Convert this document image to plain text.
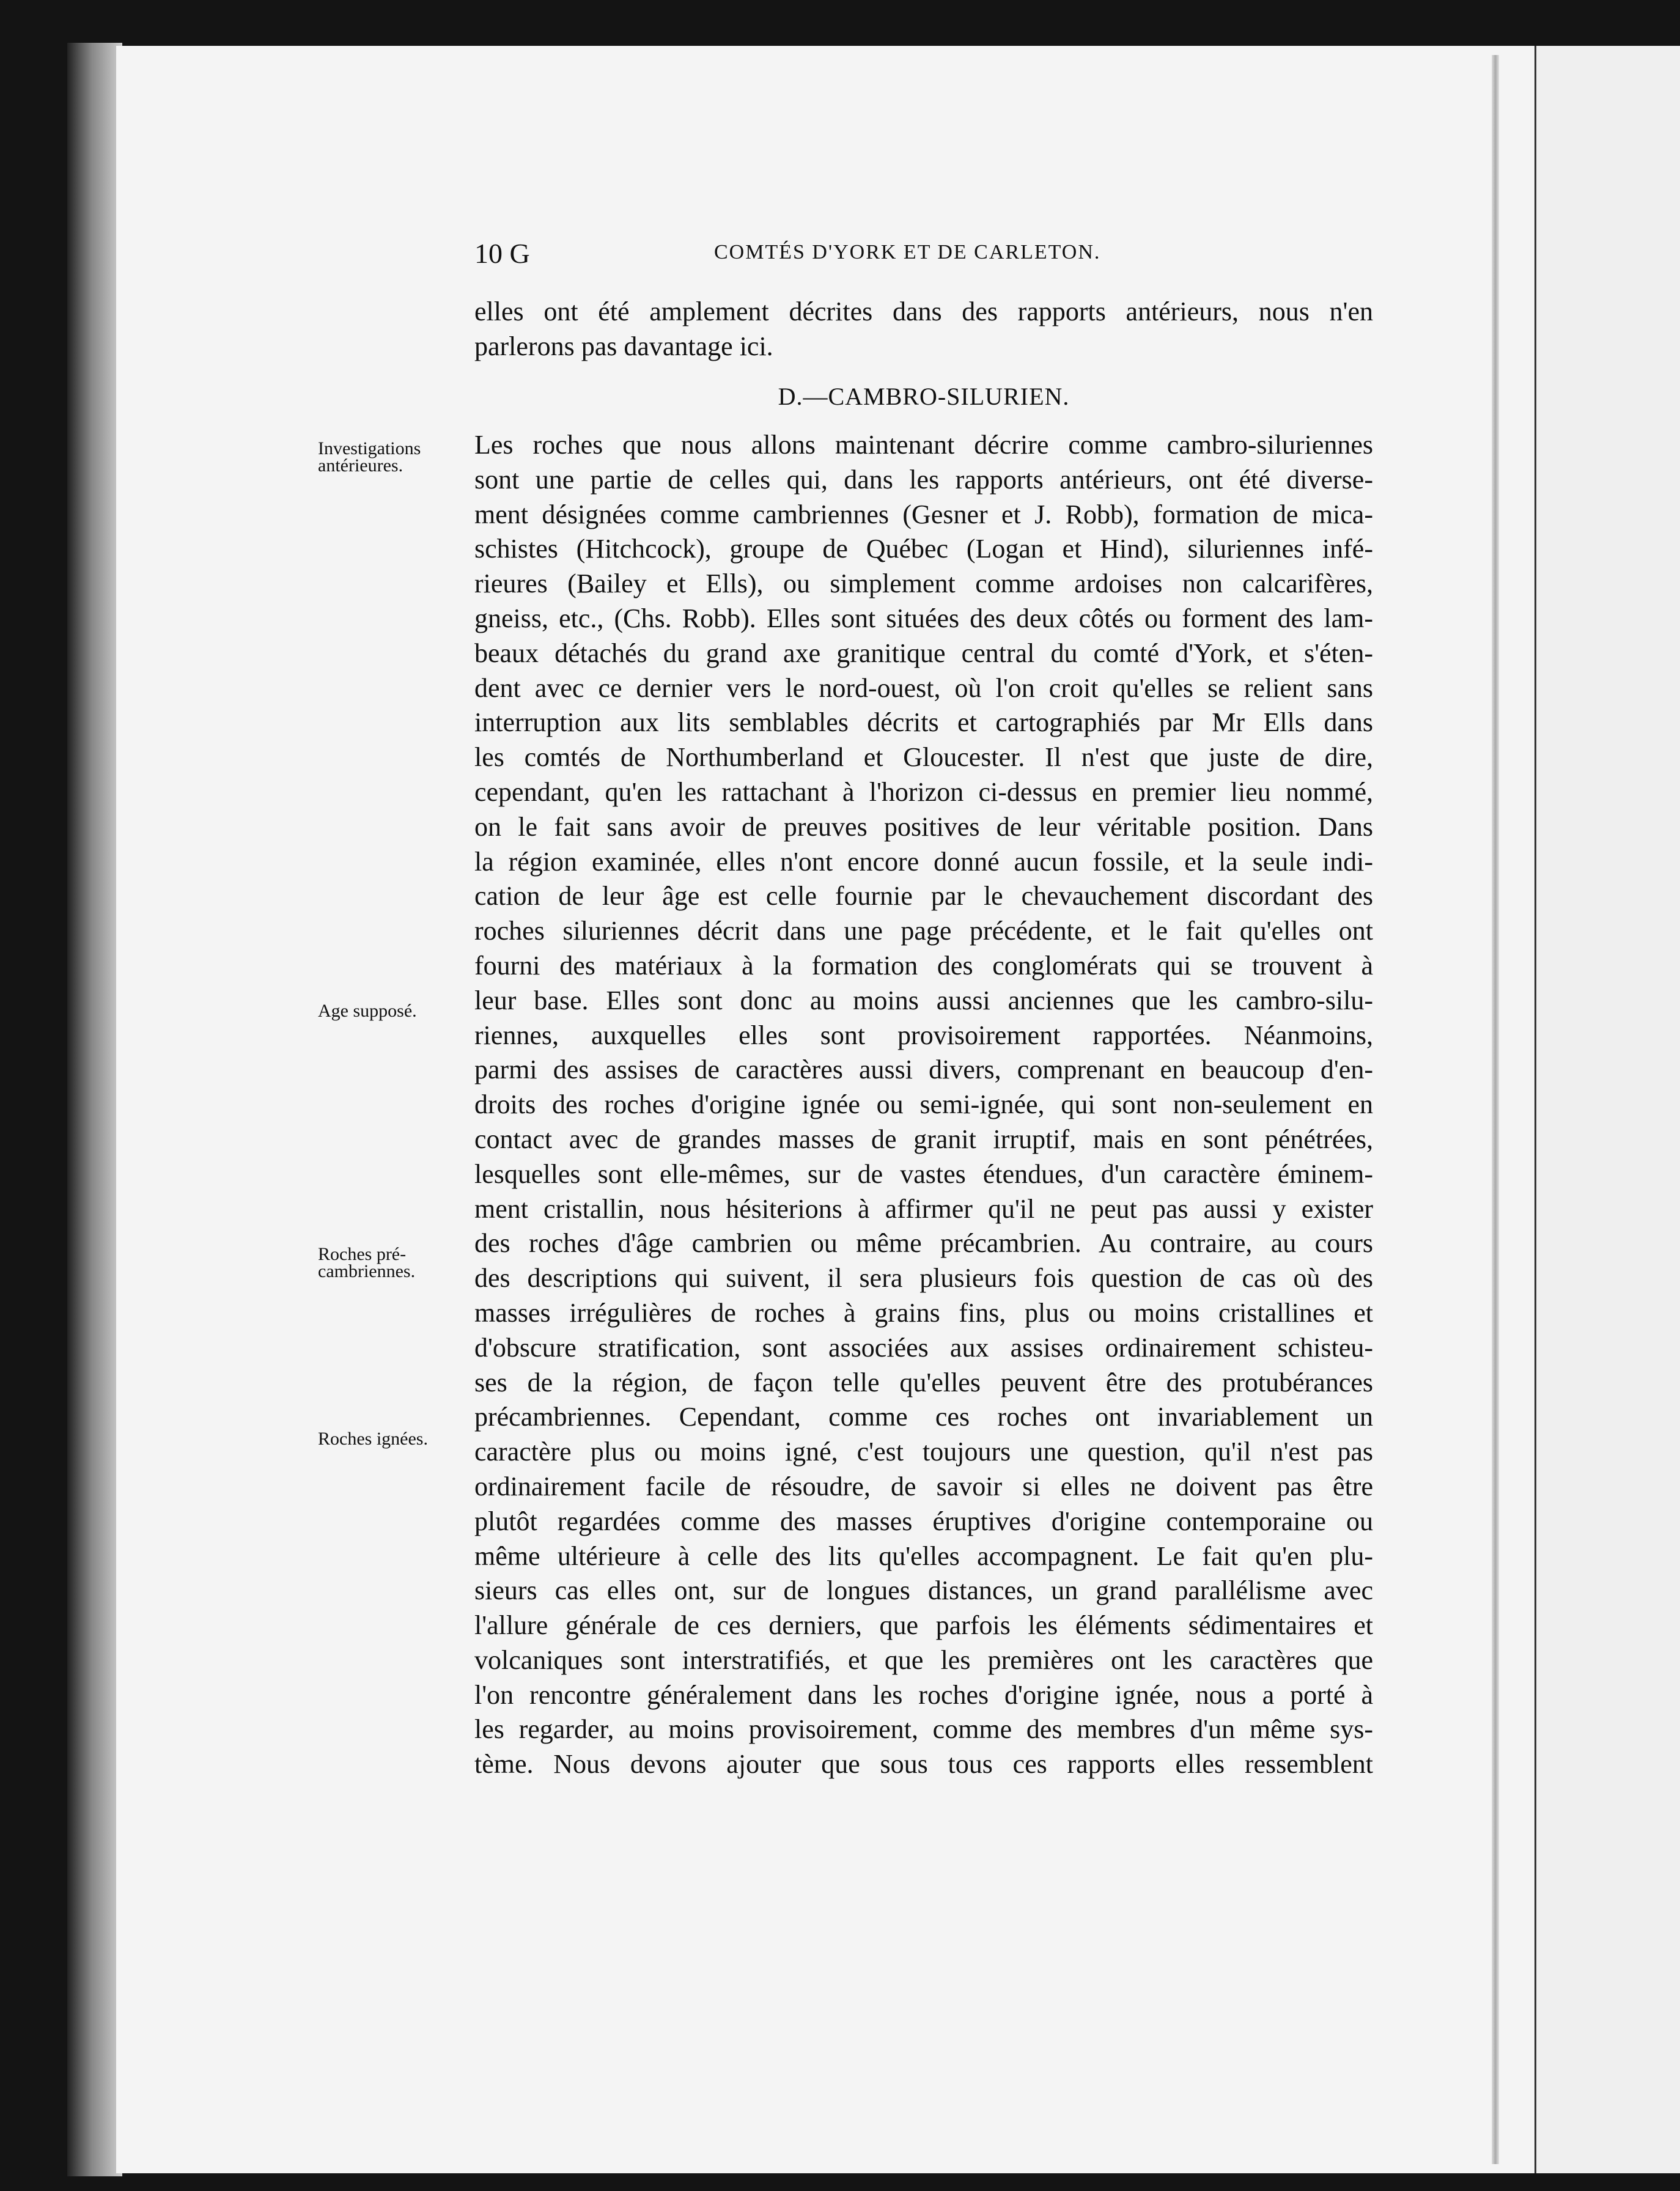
10 G	COMTÉS D'YORK ET DE CARLETON.
elles ont été amplement décrites dans des rapports antérieurs, nous n'en
parlerons pas davantage ici.
D.—CAMBRO-SILURIEN.
Investigations antérieures.
Age supposé.
Roches pré-cambriennes.
Roches ignées.
Les roches que nous allons maintenant décrire comme cambro-siluriennes
sont une partie de celles qui, dans les rapports antérieurs, ont été diverse-
ment désignées comme cambriennes (Gesner et J. Robb), formation de mica-
schistes (Hitchcock), groupe de Québec (Logan et Hind), siluriennes infé-
rieures (Bailey et Ells), ou simplement comme ardoises non calcarifères,
gneiss, etc., (Chs. Robb). Elles sont situées des deux côtés ou forment des lam-
beaux détachés du grand axe granitique central du comté d'York, et s'éten-
dent avec ce dernier vers le nord-ouest, où l'on croit qu'elles se relient sans
interruption aux lits semblables décrits et cartographiés par Mr Ells dans
les comtés de Northumberland et Gloucester. Il n'est que juste de dire,
cependant, qu'en les rattachant à l'horizon ci-dessus en premier lieu nommé,
on le fait sans avoir de preuves positives de leur véritable position. Dans
la région examinée, elles n'ont encore donné aucun fossile, et la seule indi-
cation de leur âge est celle fournie par le chevauchement discordant des
roches siluriennes décrit dans une page précédente, et le fait qu'elles ont
fourni des matériaux à la formation des conglomérats qui se trouvent à
leur base. Elles sont donc au moins aussi anciennes que les cambro-silu-
riennes, auxquelles elles sont provisoirement rapportées. Néanmoins,
parmi des assises de caractères aussi divers, comprenant en beaucoup d'en-
droits des roches d'origine ignée ou semi-ignée, qui sont non-seulement en
contact avec de grandes masses de granit irruptif, mais en sont pénétrées,
lesquelles sont elle-mêmes, sur de vastes étendues, d'un caractère éminem-
ment cristallin, nous hésiterions à affirmer qu'il ne peut pas aussi y exister
des roches d'âge cambrien ou même précambrien. Au contraire, au cours
des descriptions qui suivent, il sera plusieurs fois question de cas où des
masses irrégulières de roches à grains fins, plus ou moins cristallines et
d'obscure stratification, sont associées aux assises ordinairement schisteu-
ses de la région, de façon telle qu'elles peuvent être des protubérances
précambriennes. Cependant, comme ces roches ont invariablement un
caractère plus ou moins igné, c'est toujours une question, qu'il n'est pas
ordinairement facile de résoudre, de savoir si elles ne doivent pas être
plutôt regardées comme des masses éruptives d'origine contemporaine ou
même ultérieure à celle des lits qu'elles accompagnent. Le fait qu'en plu-
sieurs cas elles ont, sur de longues distances, un grand parallélisme avec
l'allure générale de ces derniers, que parfois les éléments sédimentaires et
volcaniques sont interstratifiés, et que les premières ont les caractères que
l'on rencontre généralement dans les roches d'origine ignée, nous a porté à
les regarder, au moins provisoirement, comme des membres d'un même sys-
tème. Nous devons ajouter que sous tous ces rapports elles ressemblent
